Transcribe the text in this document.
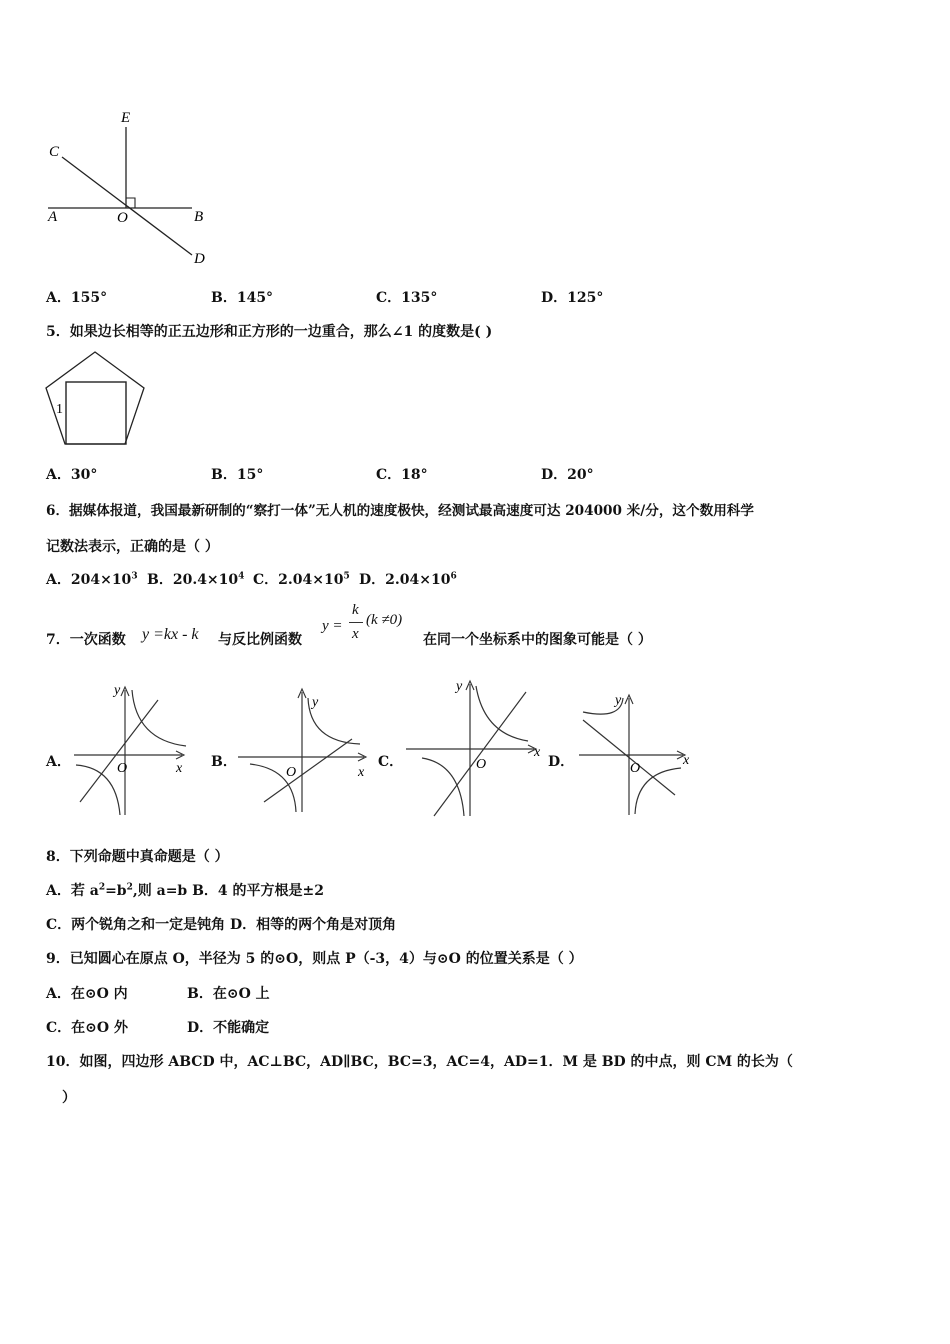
E
C
A	O	B
D
A．155°	B．145°	C．135°	D．125°
5．如果边长相等的正五边形和正方形的一边重合，那么∠1 的度数是( )
1
A．30°	B．15°	C．18°	D．20°
6．据媒体报道，我国最新研制的“察打一体”无人机的速度极快，经测试最高速度可达 204000 米/分，这个数用科学
记数法表示，正确的是（ ）
A．$204\times 10^3$ B．$20.4\times 10^4$ C．$2.04\times 10^5$ D．$2.04\times 10^6$
7．一次函数 y =kx - k 与反比例函数
y =
k
x
(k ≠0)
在同一个坐标系中的图象可能是（ ）
A．	B．	C．	D．
y
x
O
y
x
O
y
x
O
y
x
O
8．下列命题中真命题是（ ）
A．若 $a^2=b^2$,则 a=b B．4 的平方根是±2
C．两个锐角之和一定是钝角 D．相等的两个角是对顶角
9．已知圆心在原点 O，半径为 5 的⊙O，则点 P（-3，4）与⊙O 的位置关系是（ ）
A．在⊙O 内	B．在⊙O 上
C．在⊙O 外	D．不能确定
10．如图，四边形 ABCD 中，AC⊥BC，AD∥BC，BC=3，AC=4，AD=1．M 是 BD 的中点，则 CM 的长为（
）
